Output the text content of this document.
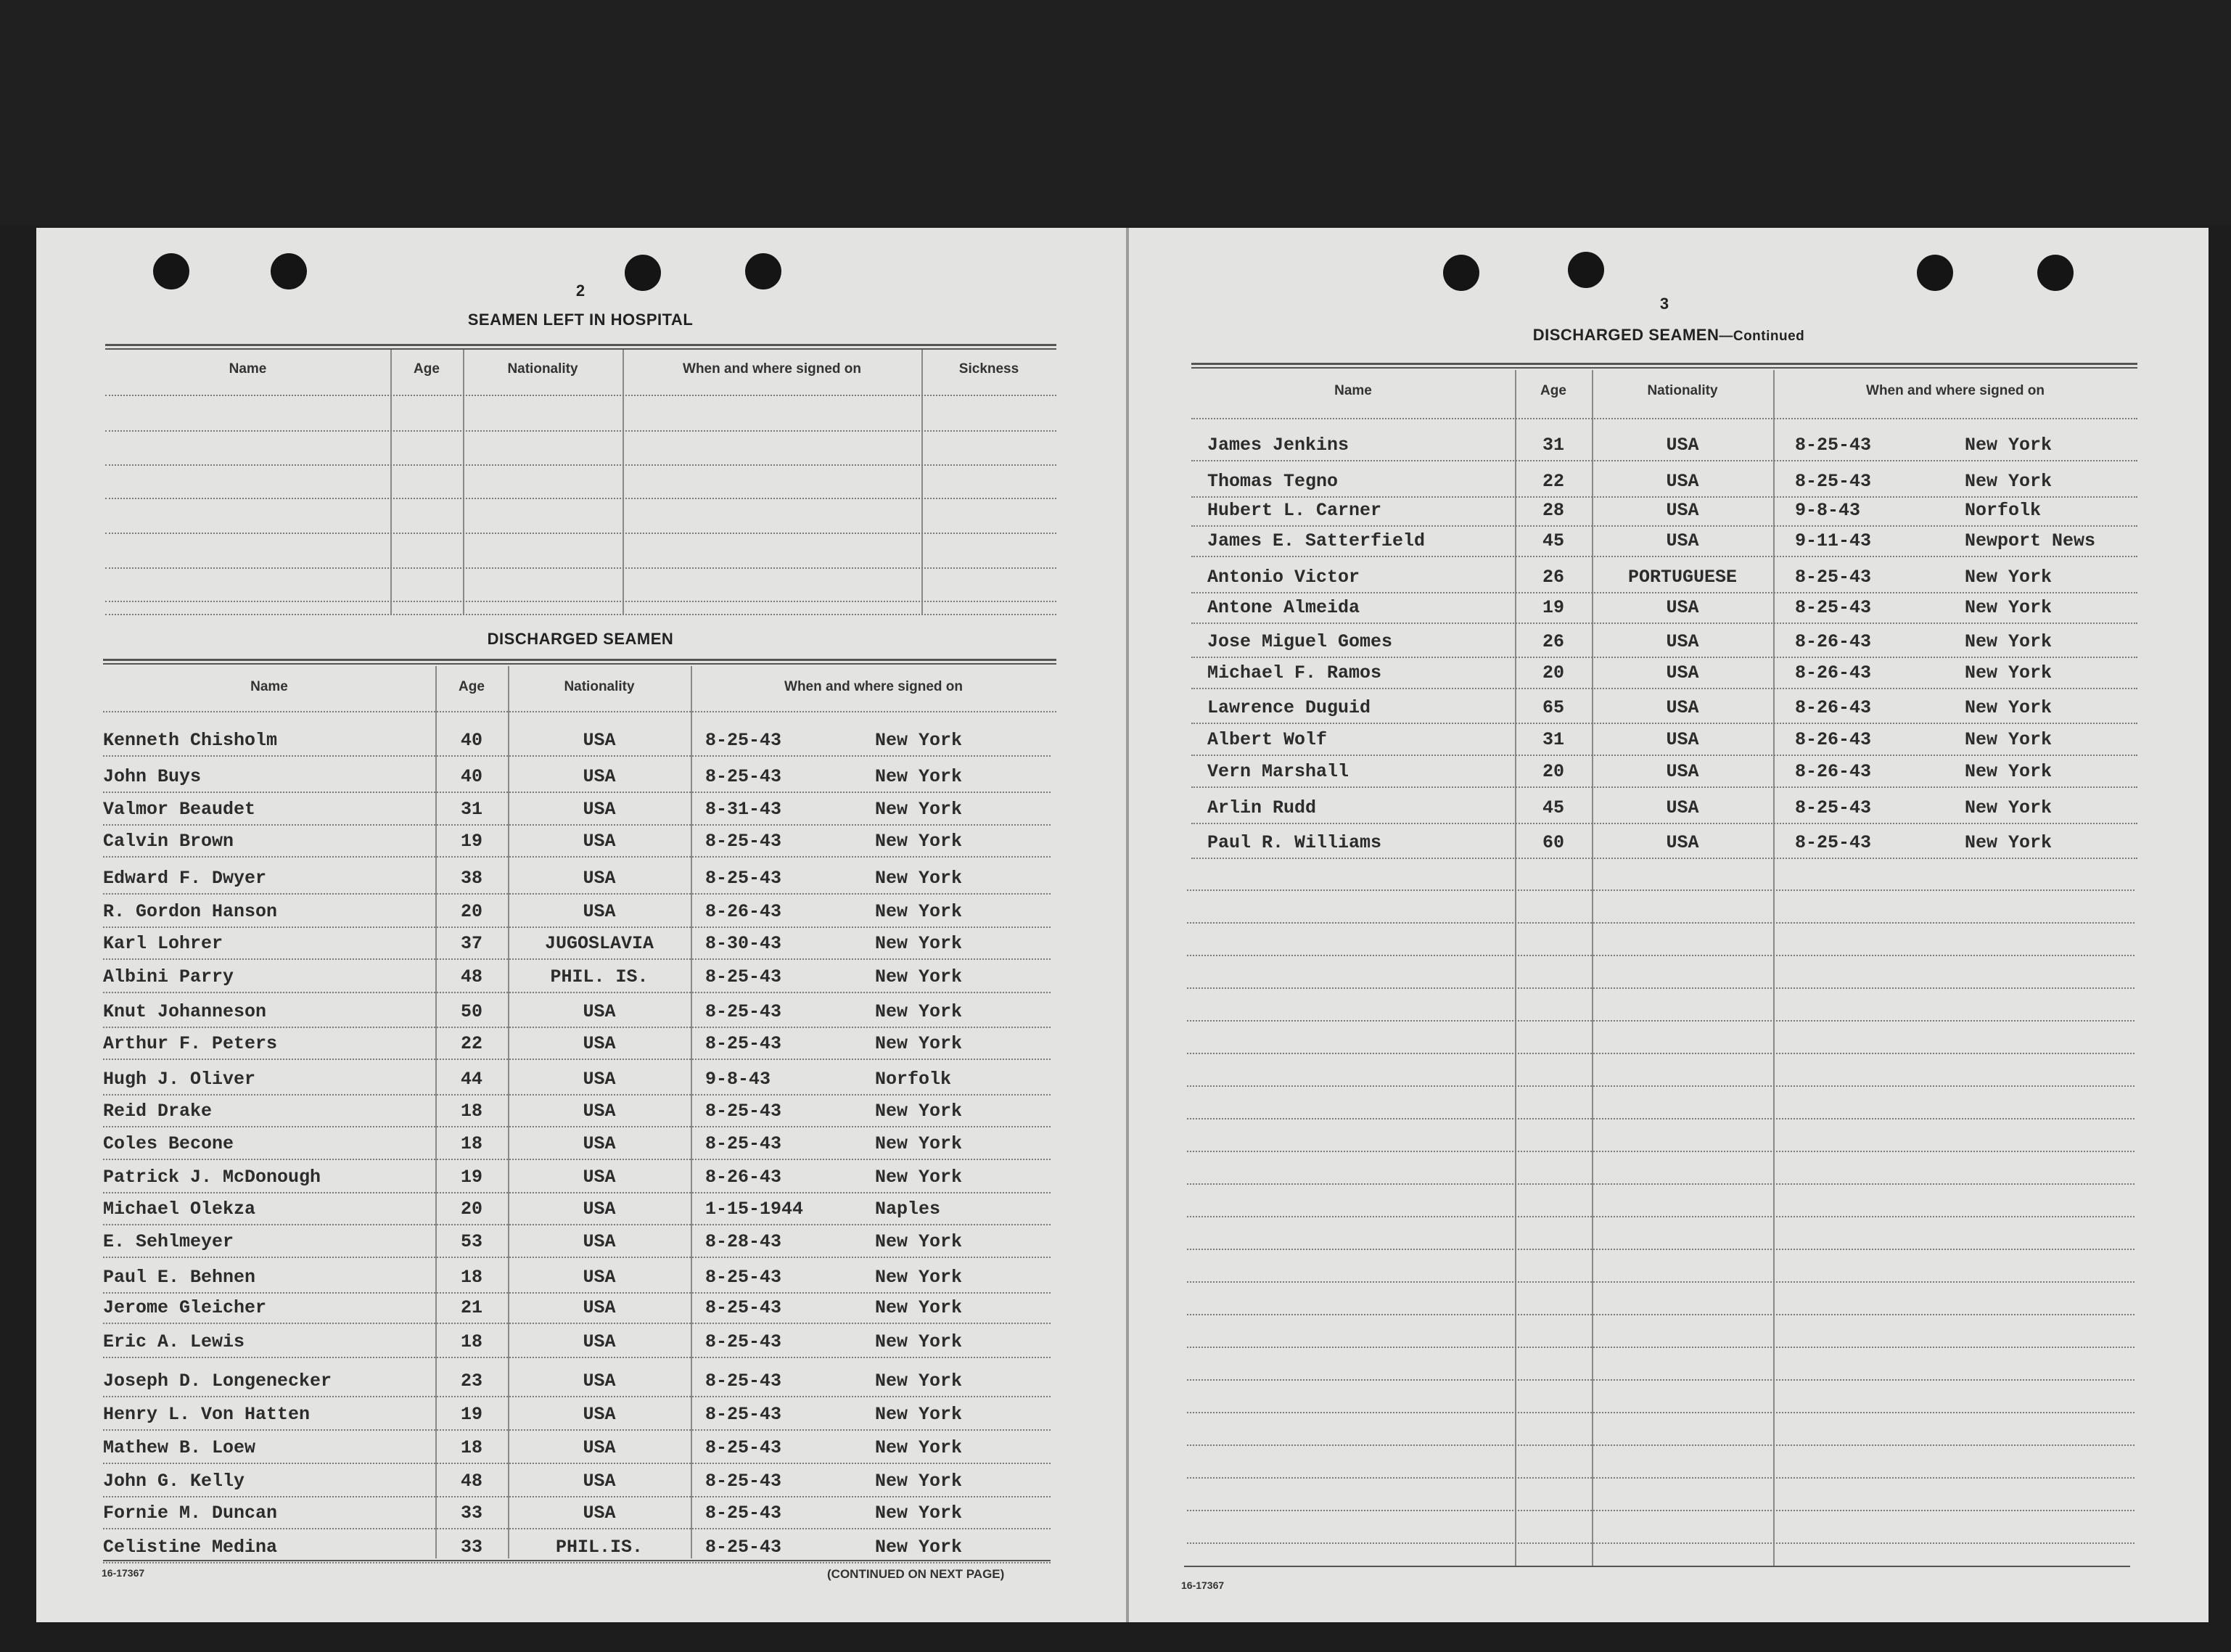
2
SEAMEN LEFT IN HOSPITAL
DISCHARGED SEAMEN
3
DISCHARGED SEAMEN—Continued
16-17367	(CONTINUED ON NEXT PAGE)
16-17367
Name	Age	Nationality	When and where signed on	Sickness
Name	Age	Nationality	When and where signed on
Kenneth Chisholm	40	USA	8-25-43	New York
John Buys	40	USA	8-25-43	New York
Valmor Beaudet	31	USA	8-31-43	New York
Calvin Brown	19	USA	8-25-43	New York
Edward F. Dwyer	38	USA	8-25-43	New York
R. Gordon Hanson	20	USA	8-26-43	New York
Karl Lohrer	37	JUGOSLAVIA	8-30-43	New York
Albini Parry	48	PHIL. IS.	8-25-43	New York
Knut Johanneson	50	USA	8-25-43	New York
Arthur F. Peters	22	USA	8-25-43	New York
Hugh J. Oliver	44	USA	9-8-43	Norfolk
Reid Drake	18	USA	8-25-43	New York
Coles Becone	18	USA	8-25-43	New York
Patrick J. McDonough	19	USA	8-26-43	New York
Michael Olekza	20	USA	1-15-1944	Naples
E. Sehlmeyer	53	USA	8-28-43	New York
Paul E. Behnen	18	USA	8-25-43	New York
Jerome Gleicher	21	USA	8-25-43	New York
Eric A. Lewis	18	USA	8-25-43	New York
Joseph D. Longenecker	23	USA	8-25-43	New York
Henry L. Von Hatten	19	USA	8-25-43	New York
Mathew B. Loew	18	USA	8-25-43	New York
John G. Kelly	48	USA	8-25-43	New York
Fornie M. Duncan	33	USA	8-25-43	New York
Celistine Medina	33	PHIL.IS.	8-25-43	New York
Name	Age	Nationality	When and where signed on
James Jenkins	31	USA	8-25-43	New York
Thomas Tegno	22	USA	8-25-43	New York
Hubert L. Carner	28	USA	9-8-43	Norfolk
James E. Satterfield	45	USA	9-11-43	Newport News
Antonio Victor	26	PORTUGUESE	8-25-43	New York
Antone Almeida	19	USA	8-25-43	New York
Jose Miguel Gomes	26	USA	8-26-43	New York
Michael F. Ramos	20	USA	8-26-43	New York
Lawrence Duguid	65	USA	8-26-43	New York
Albert Wolf	31	USA	8-26-43	New York
Vern Marshall	20	USA	8-26-43	New York
Arlin Rudd	45	USA	8-25-43	New York
Paul R. Williams	60	USA	8-25-43	New York
